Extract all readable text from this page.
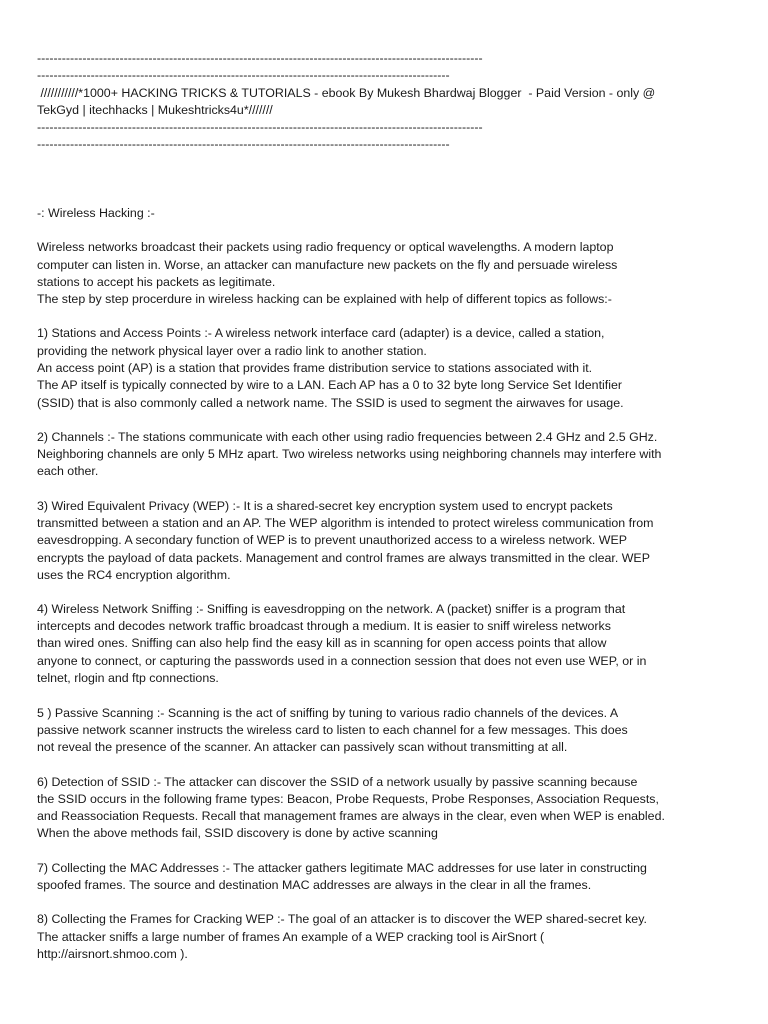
------------------------------------------------------------------------------------------------------------
----------------------------------------------------------------------------------------------------
///////////*1000+ HACKING TRICKS & TUTORIALS - ebook By Mukesh Bhardwaj Blogger  - Paid Version - only @
TekGyd | itechhacks | Mukeshtricks4u*///////
------------------------------------------------------------------------------------------------------------
----------------------------------------------------------------------------------------------------
-: Wireless Hacking :-
Wireless networks broadcast their packets using radio frequency or optical wavelengths. A modern laptop
computer can listen in. Worse, an attacker can manufacture new packets on the fly and persuade wireless
stations to accept his packets as legitimate.
The step by step procerdure in wireless hacking can be explained with help of different topics as follows:-
1) Stations and Access Points :- A wireless network interface card (adapter) is a device, called a station,
providing the network physical layer over a radio link to another station.
An access point (AP) is a station that provides frame distribution service to stations associated with it.
The AP itself is typically connected by wire to a LAN. Each AP has a 0 to 32 byte long Service Set Identifier
(SSID) that is also commonly called a network name. The SSID is used to segment the airwaves for usage.
2) Channels :- The stations communicate with each other using radio frequencies between 2.4 GHz and 2.5 GHz.
Neighboring channels are only 5 MHz apart. Two wireless networks using neighboring channels may interfere with
each other.
3) Wired Equivalent Privacy (WEP) :- It is a shared-secret key encryption system used to encrypt packets
transmitted between a station and an AP. The WEP algorithm is intended to protect wireless communication from
eavesdropping. A secondary function of WEP is to prevent unauthorized access to a wireless network. WEP
encrypts the payload of data packets. Management and control frames are always transmitted in the clear. WEP
uses the RC4 encryption algorithm.
4) Wireless Network Sniffing :- Sniffing is eavesdropping on the network. A (packet) sniffer is a program that
intercepts and decodes network traffic broadcast through a medium. It is easier to sniff wireless networks
than wired ones. Sniffing can also help find the easy kill as in scanning for open access points that allow
anyone to connect, or capturing the passwords used in a connection session that does not even use WEP, or in
telnet, rlogin and ftp connections.
5 ) Passive Scanning :- Scanning is the act of sniffing by tuning to various radio channels of the devices. A
passive network scanner instructs the wireless card to listen to each channel for a few messages. This does
not reveal the presence of the scanner. An attacker can passively scan without transmitting at all.
6) Detection of SSID :- The attacker can discover the SSID of a network usually by passive scanning because
the SSID occurs in the following frame types: Beacon, Probe Requests, Probe Responses, Association Requests,
and Reassociation Requests. Recall that management frames are always in the clear, even when WEP is enabled.
When the above methods fail, SSID discovery is done by active scanning
7) Collecting the MAC Addresses :- The attacker gathers legitimate MAC addresses for use later in constructing
spoofed frames. The source and destination MAC addresses are always in the clear in all the frames.
8) Collecting the Frames for Cracking WEP :- The goal of an attacker is to discover the WEP shared-secret key.
The attacker sniffs a large number of frames An example of a WEP cracking tool is AirSnort (
http://airsnort.shmoo.com ).
